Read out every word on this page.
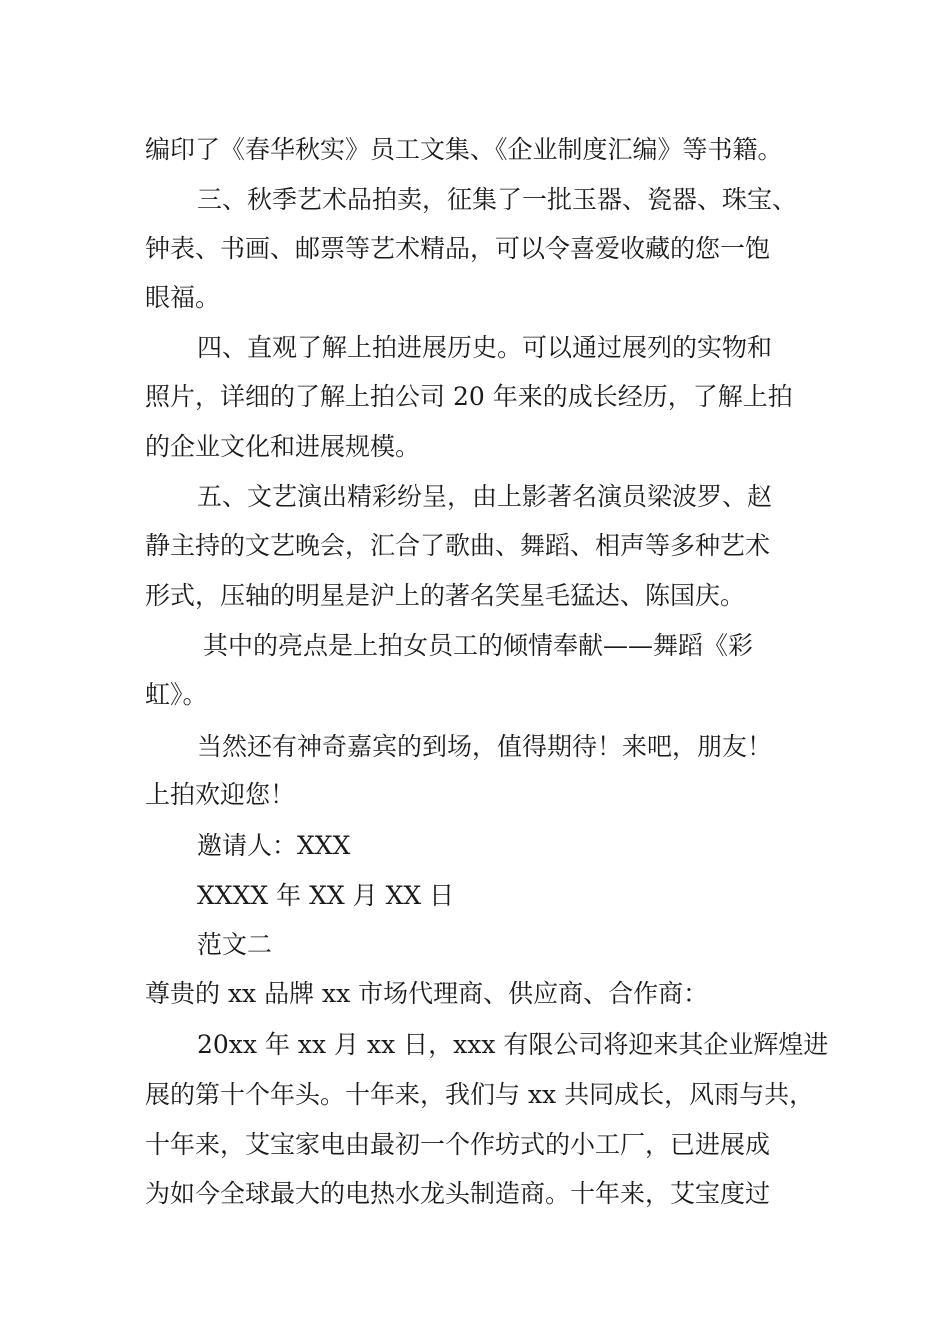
编印了《春华秋实》员工文集、《企业制度汇编》等书籍。
三、秋季艺术品拍卖，征集了一批玉器、瓷器、珠宝、
钟表、书画、邮票等艺术精品，可以令喜爱收藏的您一饱
眼福。
四、直观了解上拍进展历史。可以通过展列的实物和
照片，详细的了解上拍公司 20 年来的成长经历，了解上拍
的企业文化和进展规模。
五、文艺演出精彩纷呈，由上影著名演员梁波罗、赵
静主持的文艺晚会，汇合了歌曲、舞蹈、相声等多种艺术
形式，压轴的明星是沪上的著名笑星毛猛达、陈国庆。
其中的亮点是上拍女员工的倾情奉献——舞蹈《彩
虹》。
当然还有神奇嘉宾的到场，值得期待！来吧，朋友！
上拍欢迎您！
邀请人：XXX
XXXX 年 XX 月 XX 日
范文二
尊贵的 xx 品牌 xx 市场代理商、供应商、合作商：
20xx 年 xx 月 xx 日，xxx 有限公司将迎来其企业辉煌进
展的第十个年头。十年来，我们与 xx 共同成长，风雨与共，
十年来，艾宝家电由最初一个作坊式的小工厂，已进展成
为如今全球最大的电热水龙头制造商。十年来，艾宝度过
